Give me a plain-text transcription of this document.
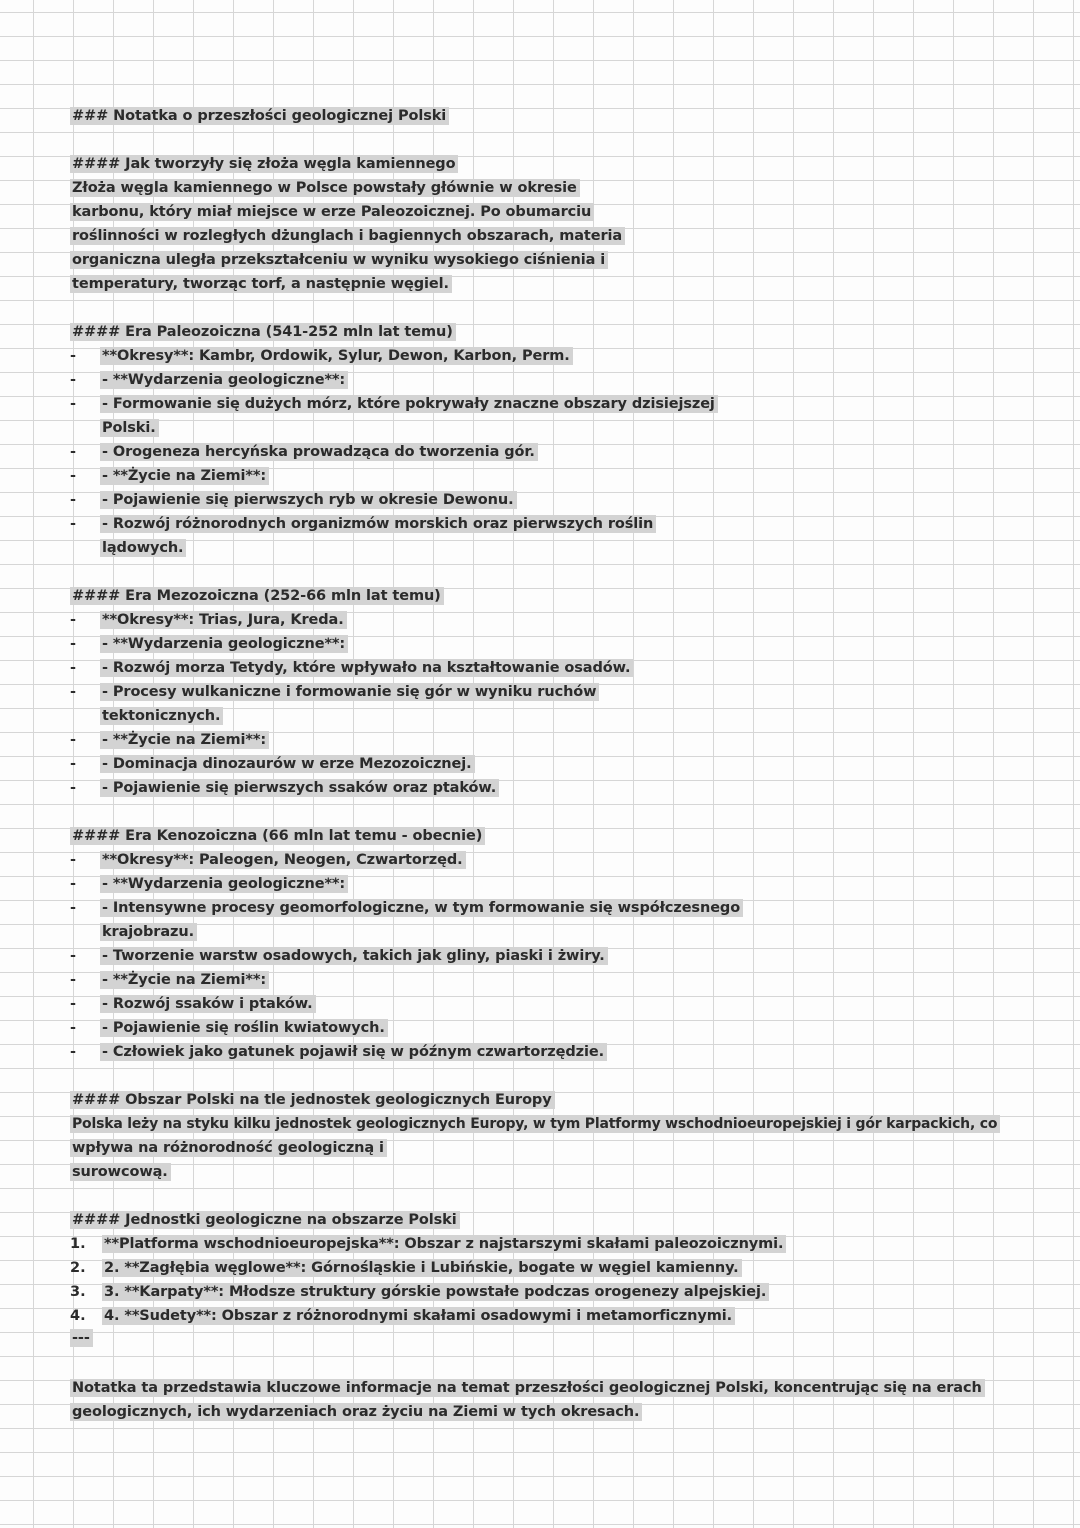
### Notatka o przeszłości geologicznej Polski
#### Jak tworzyły się złoża węgla kamiennego
Złoża węgla kamiennego w Polsce powstały głównie w okresie
karbonu, który miał miejsce w erze Paleozoicznej. Po obumarciu
roślinności w rozległych dżunglach i bagiennych obszarach, materia
organiczna uległa przekształceniu w wyniku wysokiego ciśnienia i
temperatury, tworząc torf, a następnie węgiel.
#### Era Paleozoiczna (541-252 mln lat temu)
- **Okresy**: Kambr, Ordowik, Sylur, Dewon, Karbon, Perm.
- - **Wydarzenia geologiczne**:
- - Formowanie się dużych mórz, które pokrywały znaczne obszary dzisiejszej
Polski.
- - Orogeneza hercyńska prowadząca do tworzenia gór.
- - **Życie na Ziemi**:
- - Pojawienie się pierwszych ryb w okresie Dewonu.
- - Rozwój różnorodnych organizmów morskich oraz pierwszych roślin
lądowych.
#### Era Mezozoiczna (252-66 mln lat temu)
- **Okresy**: Trias, Jura, Kreda.
- - **Wydarzenia geologiczne**:
- - Rozwój morza Tetydy, które wpływało na kształtowanie osadów.
- - Procesy wulkaniczne i formowanie się gór w wyniku ruchów
tektonicznych.
- - **Życie na Ziemi**:
- - Dominacja dinozaurów w erze Mezozoicznej.
- - Pojawienie się pierwszych ssaków oraz ptaków.
#### Era Kenozoiczna (66 mln lat temu - obecnie)
- **Okresy**: Paleogen, Neogen, Czwartorzęd.
- - **Wydarzenia geologiczne**:
- - Intensywne procesy geomorfologiczne, w tym formowanie się współczesnego
krajobrazu.
- - Tworzenie warstw osadowych, takich jak gliny, piaski i żwiry.
- - **Życie na Ziemi**:
- - Rozwój ssaków i ptaków.
- - Pojawienie się roślin kwiatowych.
- - Człowiek jako gatunek pojawił się w późnym czwartorzędzie.
#### Obszar Polski na tle jednostek geologicznych Europy
Polska leży na styku kilku jednostek geologicznych Europy, w tym Platformy wschodnioeuropejskiej i gór karpackich, co
wpływa na różnorodność geologiczną i
surowcową.
#### Jednostki geologiczne na obszarze Polski
1. **Platforma wschodnioeuropejska**: Obszar z najstarszymi skałami paleozoicznymi.
2. 2. **Zagłębia węglowe**: Górnośląskie i Lubińskie, bogate w węgiel kamienny.
3. 3. **Karpaty**: Młodsze struktury górskie powstałe podczas orogenezy alpejskiej.
4. 4. **Sudety**: Obszar z różnorodnymi skałami osadowymi i metamorficznymi.
---
Notatka ta przedstawia kluczowe informacje na temat przeszłości geologicznej Polski, koncentrując się na erach
geologicznych, ich wydarzeniach oraz życiu na Ziemi w tych okresach.
